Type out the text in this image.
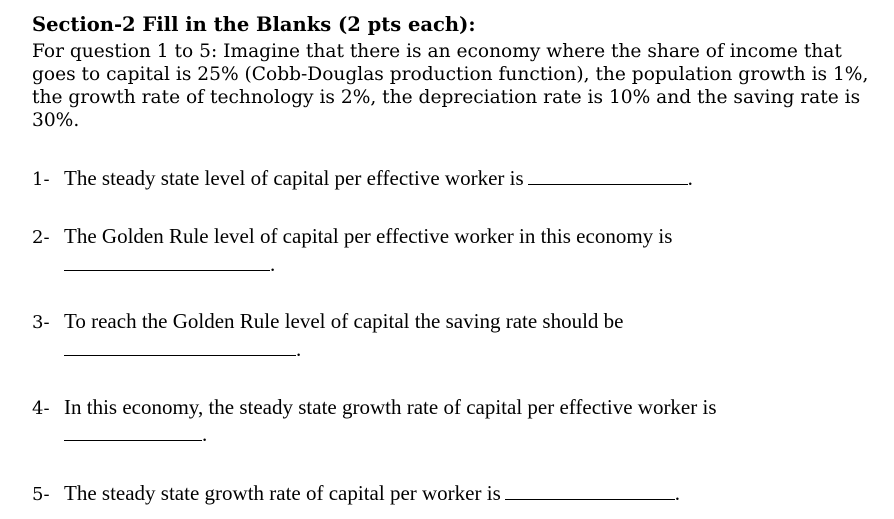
Section-2 Fill in the Blanks (2 pts each):
For question 1 to 5: Imagine that there is an economy where the share of income that
goes to capital is 25% (Cobb-Douglas production function), the population growth is 1%,
the growth rate of technology is 2%, the depreciation rate is 10% and the saving rate is
30%.
1- The steady state level of capital per effective worker is	.
2- The Golden Rule level of capital per effective worker in this economy is
.
3- To reach the Golden Rule level of capital the saving rate should be
.
4- In this economy, the steady state growth rate of capital per effective worker is
.
5- The steady state growth rate of capital per worker is	.
